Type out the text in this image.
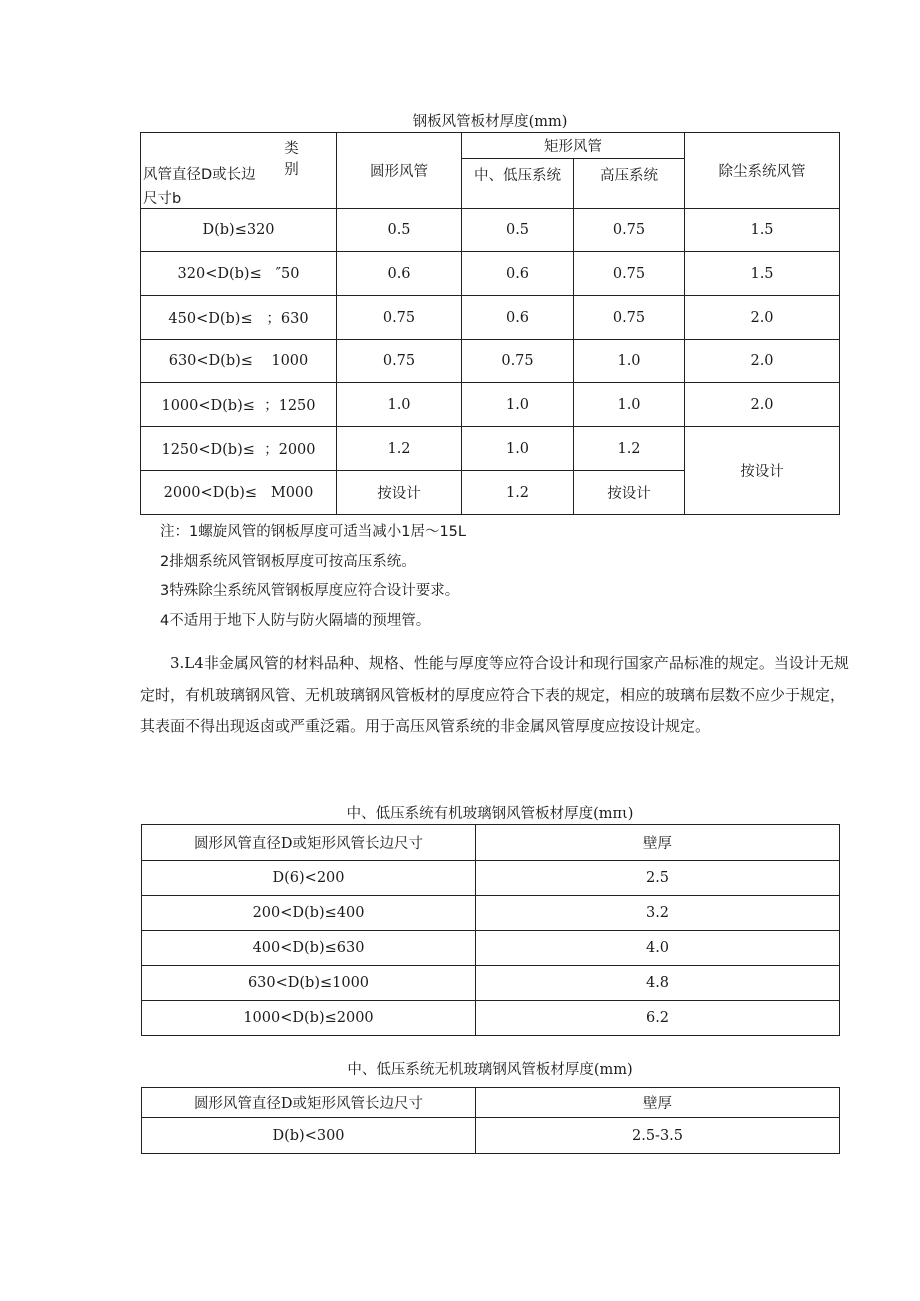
钢板风管板材厚度(mm)
类 别
风管直径D或长边
尺寸b	圆形风管	矩形风管		除尘系统风管
		中、低压系统	高压系统	
D(b)≤320	0.5	0.5	0.75	1.5
320<D(b)≤   ″50	0.6	0.6	0.75	1.5
450<D(b)≤   ；630	0.75	0.6	0.75	2.0
630<D(b)≤    1000	0.75	0.75	1.0	2.0
1000<D(b)≤  ；1250	1.0	1.0	1.0	2.0
1250<D(b)≤  ；2000	1.2	1.0	1.2	按设计
2000<D(b)≤   M000	按设计	1.2	按设计	
注：1螺旋风管的钢板厚度可适当减小1居〜15L
2排烟系统风管钢板厚度可按高压系统。
3特殊除尘系统风管钢板厚度应符合设计要求。
4不适用于地下人防与防火隔墙的预埋管。
3.L4非金属风管的材料品种、规格、性能与厚度等应符合设计和现行国家产品标准的规定。当设计无规定时，有机玻璃钢风管、无机玻璃钢风管板材的厚度应符合下表的规定，相应的玻璃布层数不应少于规定，其表面不得出现返卤或严重泛霜。用于高压风管系统的非金属风管厚度应按设计规定。
中、低压系统有机玻璃钢风管板材厚度(mπι)
圆形风管直径D或矩形风管长边尺寸	壁厚
D(6)<200	2.5
200<D(b)≤400	3.2
400<D(b)≤630	4.0
630<D(b)≤1000	4.8
1000<D(b)≤2000	6.2
中、低压系统无机玻璃钢风管板材厚度(mm)
圆形风管直径D或矩形风管长边尺寸	壁厚
D(b)<300	2.5-3.5
